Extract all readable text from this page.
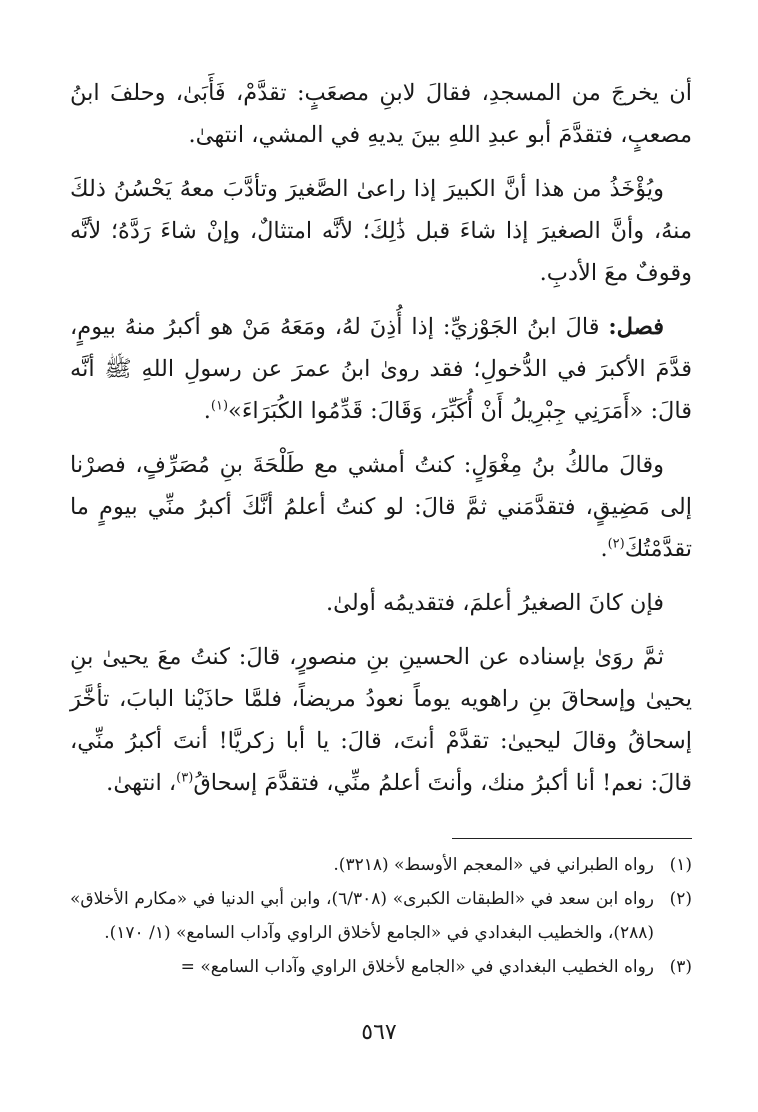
أن يخرجَ من المسجدِ، فقالَ لابنِ مصعَبٍ: تقدَّمْ، فَأَبَىٰ، وحلفَ ابنُ مصعبٍ، فتقدَّمَ أبو عبدِ اللهِ بينَ يديهِ في المشي، انتهىٰ.

ويُؤْخَذُ من هذا أنَّ الكبيرَ إذا راعىٰ الصَّغيرَ وتأدَّبَ معهُ يَحْسُنُ ذلكَ منهُ، وأنَّ الصغيرَ إذا شاءَ قبل ذَٰلِكَ؛ لأنَّه امتثالٌ، وإنْ شاءَ رَدَّهُ؛ لأنَّه وقوفٌ معَ الأدبِ.

فصل: قالَ ابنُ الجَوْزيِّ: إذا أُذِنَ لهُ، ومَعَهُ مَنْ هو أكبرُ منهُ بيومٍ، قدَّمَ الأكبرَ في الدُّخولِ؛ فقد روىٰ ابنُ عمرَ عن رسولِ اللهِ ﷺ أنَّه قالَ: «أَمَرَنِي جِبْرِيلُ أَنْ أُكَبِّرَ، وَقَالَ: قَدِّمُوا الكُبَرَاءَ»$^{(١)}$.

وقالَ مالكُ بنُ مِغْوَلٍ: كنتُ أمشي مع طَلْحَةَ بنِ مُصَرِّفٍ، فصرْنا إلى مَضِيقٍ، فتقدَّمَني ثمَّ قالَ: لو كنتُ أعلمُ أنَّكَ أكبرُ منِّي بيومٍ ما تقدَّمْتُكَ$^{(٢)}$.

فإن كانَ الصغيرُ أعلمَ، فتقديمُه أولىٰ.

ثمَّ روَىٰ بإسناده عن الحسينِ بنِ منصورٍ، قالَ: كنتُ معَ يحيىٰ بنِ يحيىٰ وإسحاقَ بنِ راهويه يوماً نعودُ مريضاً، فلمَّا حاذَيْنا البابَ، تأخَّرَ إسحاقُ وقالَ ليحيىٰ: تقدَّمْ أنتَ، قالَ: يا أبا زكريَّا! أنتَ أكبرُ منِّي، قالَ: نعم! أنا أكبرُ منك، وأنتَ أعلمُ منِّي، فتقدَّمَ إسحاقُ$^{(٣)}$، انتهىٰ.

(١)
رواه الطبراني في «المعجم الأوسط» (٣٢١٨).
(٢)
رواه ابن سعد في «الطبقات الكبرى» (٦/٣٠٨)، وابن أبي الدنيا في «مكارم الأخلاق» (٢٨٨)، والخطيب البغدادي في «الجامع لأخلاق الراوي وآداب السامع» (١/ ١٧٠).
(٣)
رواه الخطيب البغدادي في «الجامع لأخلاق الراوي وآداب السامع» =
٥٦٧
